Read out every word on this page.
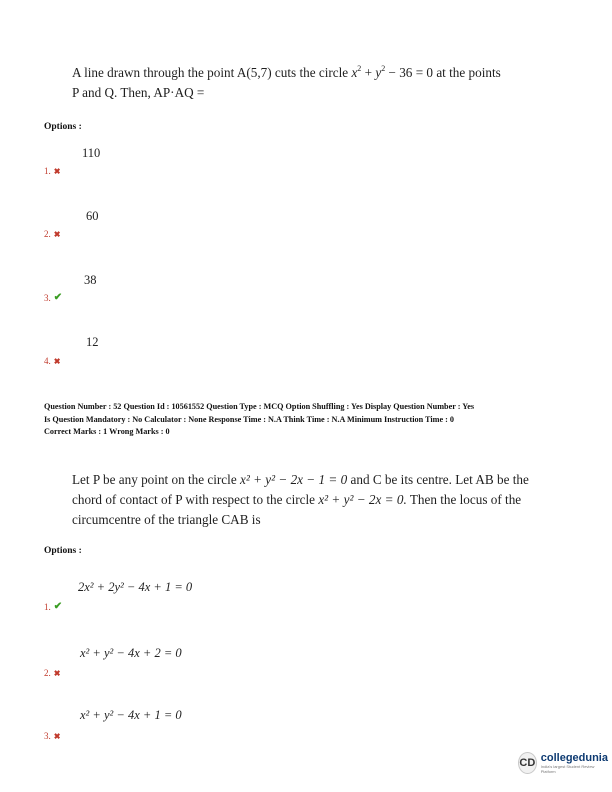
A line drawn through the point A(5,7) cuts the circle $x^2 + y^2 - 36 = 0$ at the points
P and Q. Then, AP·AQ =
Options :
110
1. ✖
60
2. ✖
38
3. ✔
12
4. ✖
Question Number : 52 Question Id : 10561552 Question Type : MCQ Option Shuffling : Yes Display Question Number : Yes
Is Question Mandatory : No Calculator : None Response Time : N.A Think Time : N.A Minimum Instruction Time : 0
Correct Marks : 1 Wrong Marks : 0
Let P be any point on the circle x² + y² − 2x − 1 = 0 and C be its centre. Let AB be the
chord of contact of P with respect to the circle x² + y² − 2x = 0. Then the locus of the
circumcentre of the triangle CAB is
Options :
2x² + 2y² − 4x + 1 = 0
1. ✔
x² + y² − 4x + 2 = 0
2. ✖
x² + y² − 4x + 1 = 0
3. ✖
CD collegedunia
India's largest Student Review Platform
